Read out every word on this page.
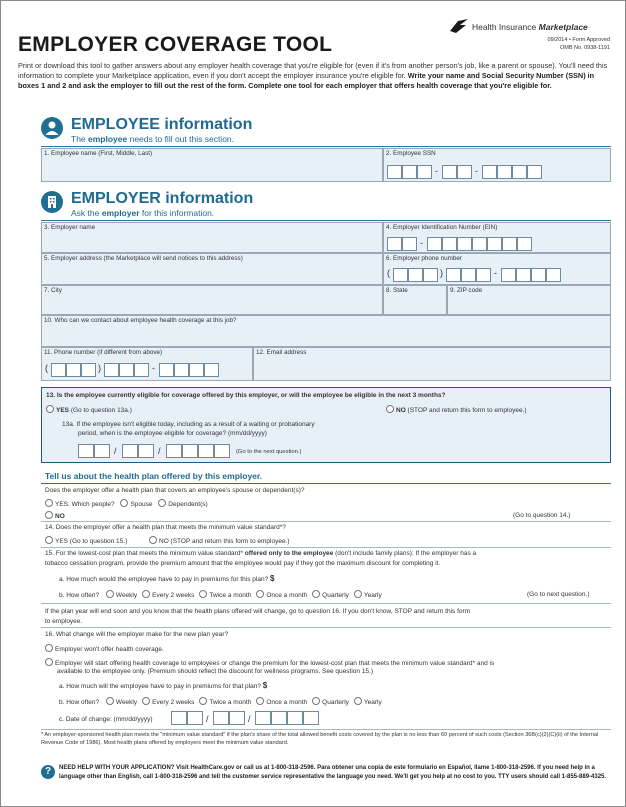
EMPLOYER COVERAGE TOOL
Health Insurance Marketplace
09/2014 • Form Approved
OMB No. 0938-1191
Print or download this tool to gather answers about any employer health coverage that you're eligible for (even if it's from another person's job, like a parent or spouse). You'll need this information to complete your Marketplace application, even if you don't accept the employer insurance you're eligible for. Write your name and Social Security Number (SSN) in boxes 1 and 2 and ask the employer to fill out the rest of the form. Complete one tool for each employer that offers health coverage that you're eligible for.
EMPLOYEE information
The employee needs to fill out this section.
1. Employee name (First, Middle, Last)	2. Employee SSN
-	-
EMPLOYER information
Ask the employer for this information.
3. Employer name	4. Employer Identification Number (EIN)
-
5. Employer address (the Marketplace will send notices to this address)	6. Employer phone number
(	)	-
7. City	8. State	9. ZIP code
10. Who can we contact about employee health coverage at this job?
11. Phone number (if different from above)
(	)	-
12. Email address
13. Is the employee currently eligible for coverage offered by this employer, or will the employee be eligible in the next 3 months?
YES (Go to question 13a.)	NO (STOP and return this form to employee.)
13a. If the employee isn't eligible today, including as a result of a waiting or probationary
period, when is the employee eligible for coverage? (mm/dd/yyyy)
/	/	(Go to the next question.)
Tell us about the health plan offered by this employer.
Does the employer offer a health plan that covers an employee's spouse or dependent(s)?
YES. Which people? Spouse Dependent(s)
NO	(Go to question 14.)
14. Does the employer offer a health plan that meets the minimum value standard*?
YES (Go to question 15.)	NO (STOP and return this form to employee.)
15. For the lowest-cost plan that meets the minimum value standard* offered only to the employee (don't include family plans): If the employer has a
tobacco cessation program, provide the premium amount that the employee would pay if they got the maximum discount for completing it.
a. How much would the employee have to pay in premiums for this plan? $
b. How often?	Weekly Every 2 weeks Twice a month Once a month Quarterly Yearly	(Go to next question.)
If the plan year will end soon and you know that the health plans offered will change, go to question 16. If you don't know, STOP and return this form
to employee.
16. What change will the employer make for the new plan year?
Employer won't offer health coverage.
Employer will start offering health coverage to employees or change the premium for the lowest-cost plan that meets the minimum value standard* and is
available to the employee only. (Premium should reflect the discount for wellness programs. See question 15.)
a. How much will the employee have to pay in premiums for that plan? $
b. How often?	Weekly Every 2 weeks Twice a month Once a month Quarterly Yearly
c. Date of change: (mm/dd/yyyy)	/	/
* An employer-sponsored health plan meets the "minimum value standard" if the plan's share of the total allowed benefit costs covered by the plan is no less than 60 percent of such costs (Section 36B(c)(2)(C)(ii) of the Internal Revenue Code of 1986). Most health plans offered by employers meet the minimum value standard.
?	NEED HELP WITH YOUR APPLICATION? Visit HealthCare.gov or call us at 1-800-318-2596. Para obtener una copia de este formulario en Español, llame 1-800-318-2596. If you need help in a language other than English, call 1-800-318-2596 and tell the customer service representative the language you need. We'll get you help at no cost to you. TTY users should call 1-855-889-4325.
